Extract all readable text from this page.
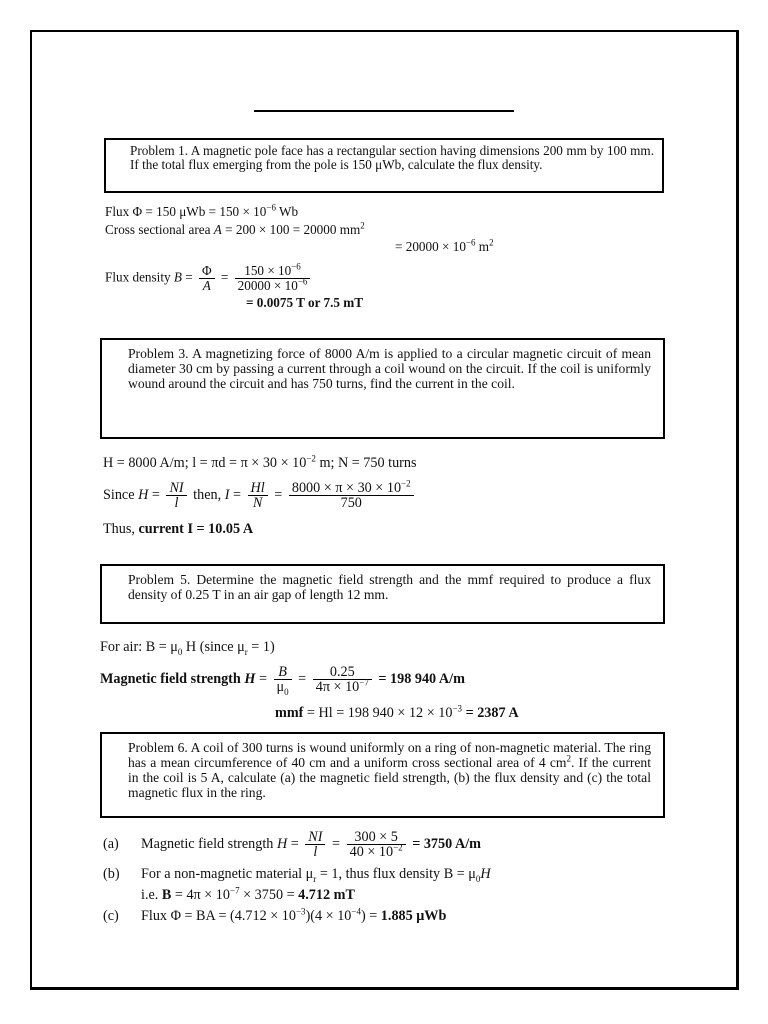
Problem 1. A magnetic pole face has a rectangular section having dimensions 200 mm by 100 mm. If the total flux emerging from the pole is 150 μWb, calculate the flux density.
Flux Φ = 150 $\mu Wb = 150 \times 10^{-6}$ Wb
Cross sectional area A = 200 × 100 = 20000 $mm^2$
= $20000 \times 10^{-6}$ $m^2$
Flux density $B = \frac{\Phi}{A} = \frac{150 \times 10^{-6}}{20000 \times 10^{-6}}$
= 0.0075 T or 7.5 mT
Problem 3. A magnetizing force of 8000 A/m is applied to a circular magnetic circuit of mean diameter 30 cm by passing a current through a coil wound on the circuit. If the coil is uniformly wound around the circuit and has 750 turns, find the current in the coil.
H = 8000 A/m; $l = \pi d = \pi \times 30 \times 10^{-2}$ m; N = 750 turns
Since $H = \frac{NI}{l}$ then, $I = \frac{Hl}{N} = \frac{8000 \times \pi \times 30 \times 10^{-2}}{750}$
Thus, current I = 10.05 A
Problem 5. Determine the magnetic field strength and the mmf required to produce a flux density of 0.25 T in an air gap of length 12 mm.
For air: $B = \mu_0$ H (since $\mu_r = 1$)
Magnetic field strength $H = \frac{B}{\mu_0} = \frac{0.25}{4\pi \times 10^{-7}} = 198$ 940 A/m
mmf = Hl = 198 $940 \times 12 \times 10^{-3} = 2387$ A
Problem 6. A coil of 300 turns is wound uniformly on a ring of non-magnetic material. The ring has a mean circumference of 40 cm and a uniform cross sectional area of 4 $cm^2$. If the current in the coil is 5 A, calculate (a) the magnetic field strength, (b) the flux density and (c) the total magnetic flux in the ring.
(a) Magnetic field strength $H = \frac{NI}{l} = \frac{300 \times 5}{40 \times 10^{-2}} = 3750$ A/m
(b) For a non-magnetic material $\mu_r = 1$, thus flux density $B = \mu_0H$
i.e. $B = 4\pi \times 10^{-7} \times 3750 = 4.712$ mT
(c) Flux Φ = BA = $(4.712 \times 10^{-3})(4 \times 10^{-4}) = 1.885$ μWb
